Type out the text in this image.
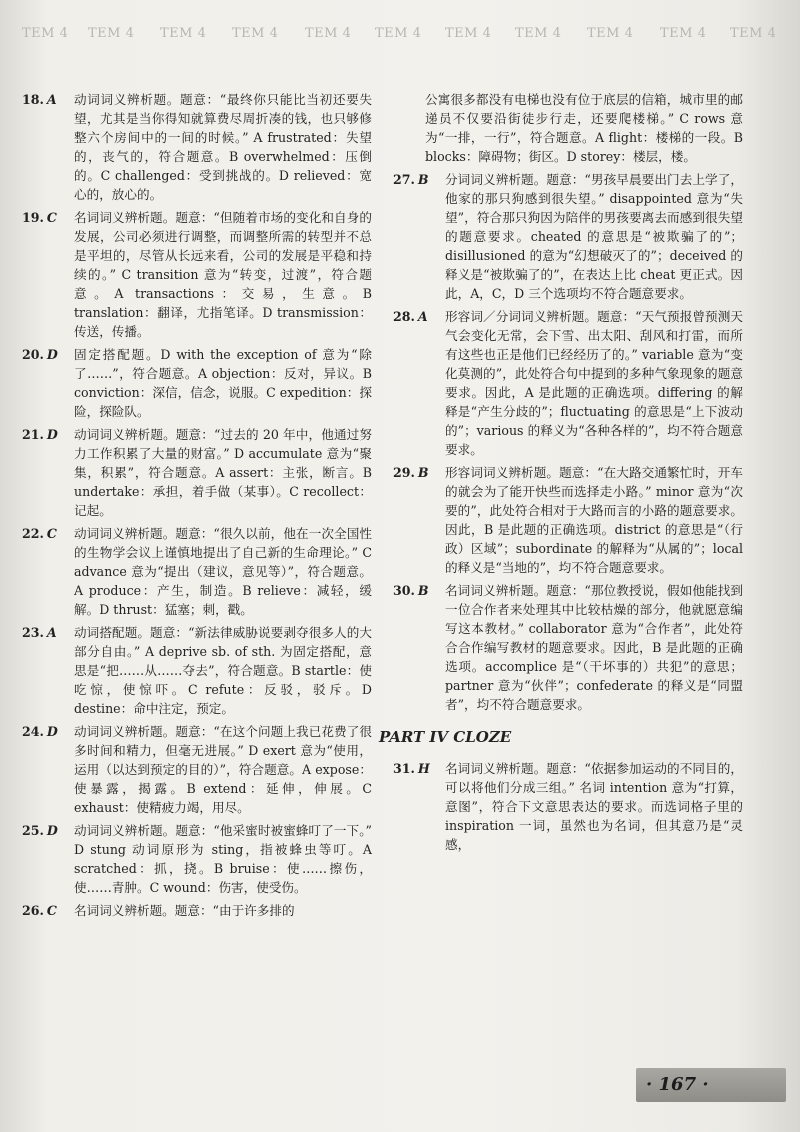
TEM 4 TEM 4 TEM 4 TEM 4 TEM 4 TEM 4 TEM 4 TEM 4 TEM 4 TEM 4 TEM 4
18. A	动词词义辨析题。题意：“最终你只能比当初还要失望，尤其是当你得知就算费尽周折凑的钱，也只够修整六个房间中的一间的时候。” A frustrated：失望的，丧气的，符合题意。B overwhelmed：压倒的。C challenged：受到挑战的。D relieved：宽心的，放心的。
19. C	名词词义辨析题。题意：“但随着市场的变化和自身的发展，公司必须进行调整，而调整所需的转型并不总是平坦的，尽管从长远来看，公司的发展是平稳和持续的。” C transition 意为“转变，过渡”，符合题意。A transactions：交易，生意。B translation：翻译，尤指笔译。D transmission：传送，传播。
20. D	固定搭配题。D with the exception of 意为“除了……”，符合题意。A objection：反对，异议。B conviction：深信，信念，说服。C expedition：探险，探险队。
21. D	动词词义辨析题。题意：“过去的 20 年中，他通过努力工作积累了大量的财富。” D accumulate 意为“聚集，积累”，符合题意。A assert：主张，断言。B undertake：承担，着手做（某事）。C recollect：记起。
22. C	动词词义辨析题。题意：“很久以前，他在一次全国性的生物学会议上谨慎地提出了自己新的生命理论。” C advance 意为“提出（建议，意见等）”，符合题意。A produce：产生，制造。B relieve：减轻，缓解。D thrust：猛塞；刺，戳。
23. A	动词搭配题。题意：“新法律威胁说要剥夺很多人的大部分自由。” A deprive sb. of sth. 为固定搭配，意思是“把……从……夺去”，符合题意。B startle：使吃惊，使惊吓。C refute：反驳，驳斥。D destine：命中注定，预定。
24. D	动词词义辨析题。题意：“在这个问题上我已花费了很多时间和精力，但毫无进展。” D exert 意为“使用，运用（以达到预定的目的）”，符合题意。A expose：使暴露，揭露。B extend：延伸，伸展。C exhaust：使精疲力竭，用尽。
25. D	动词词义辨析题。题意：“他采蜜时被蜜蜂叮了一下。” D stung 动词原形为 sting，指被蜂虫等叮。A scratched：抓，挠。B bruise：使……擦伤，使……青肿。C wound：伤害，使受伤。
26. C	名词词义辨析题。题意：“由于许多排的
公寓很多都没有电梯也没有位于底层的信箱，城市里的邮递员不仅要沿街徒步行走，还要爬楼梯。” C rows 意为“一排，一行”，符合题意。A flight：楼梯的一段。B blocks：障碍物；街区。D storey：楼层，楼。
27. B	分词词义辨析题。题意：“男孩早晨要出门去上学了，他家的那只狗感到很失望。” disappointed 意为“失望”，符合那只狗因为陪伴的男孩要离去而感到很失望的题意要求。cheated 的意思是“被欺骗了的”；disillusioned 的意为“幻想破灭了的”；deceived 的释义是“被欺骗了的”，在表达上比 cheat 更正式。因此，A，C，D 三个选项均不符合题意要求。
28. A	形容词／分词词义辨析题。题意：“天气预报曾预测天气会变化无常，会下雪、出太阳、刮风和打雷，而所有这些也正是他们已经经历了的。” variable 意为“变化莫测的”，此处符合句中提到的多种气象现象的题意要求。因此，A 是此题的正确选项。differing 的解释是“产生分歧的”；fluctuating 的意思是“上下波动的”；various 的释义为“各种各样的”，均不符合题意要求。
29. B	形容词词义辨析题。题意：“在大路交通繁忙时，开车的就会为了能开快些而选择走小路。” minor 意为“次要的”，此处符合相对于大路而言的小路的题意要求。因此，B 是此题的正确选项。district 的意思是“（行政）区域”；subordinate 的解释为“从属的”；local 的释义是“当地的”，均不符合题意要求。
30. B	名词词义辨析题。题意：“那位教授说，假如他能找到一位合作者来处理其中比较枯燥的部分，他就愿意编写这本教材。” collaborator 意为“合作者”，此处符合合作编写教材的题意要求。因此，B 是此题的正确选项。accomplice 是“（干坏事的）共犯”的意思；partner 意为“伙伴”；confederate 的释义是“同盟者”，均不符合题意要求。
PART IV CLOZE
31. H	名词词义辨析题。题意：“依据参加运动的不同目的，可以将他们分成三组。” 名词 intention 意为“打算，意图”，符合下文意思表达的要求。而选词格子里的 inspiration 一词，虽然也为名词，但其意乃是“灵感，
· 167 ·
